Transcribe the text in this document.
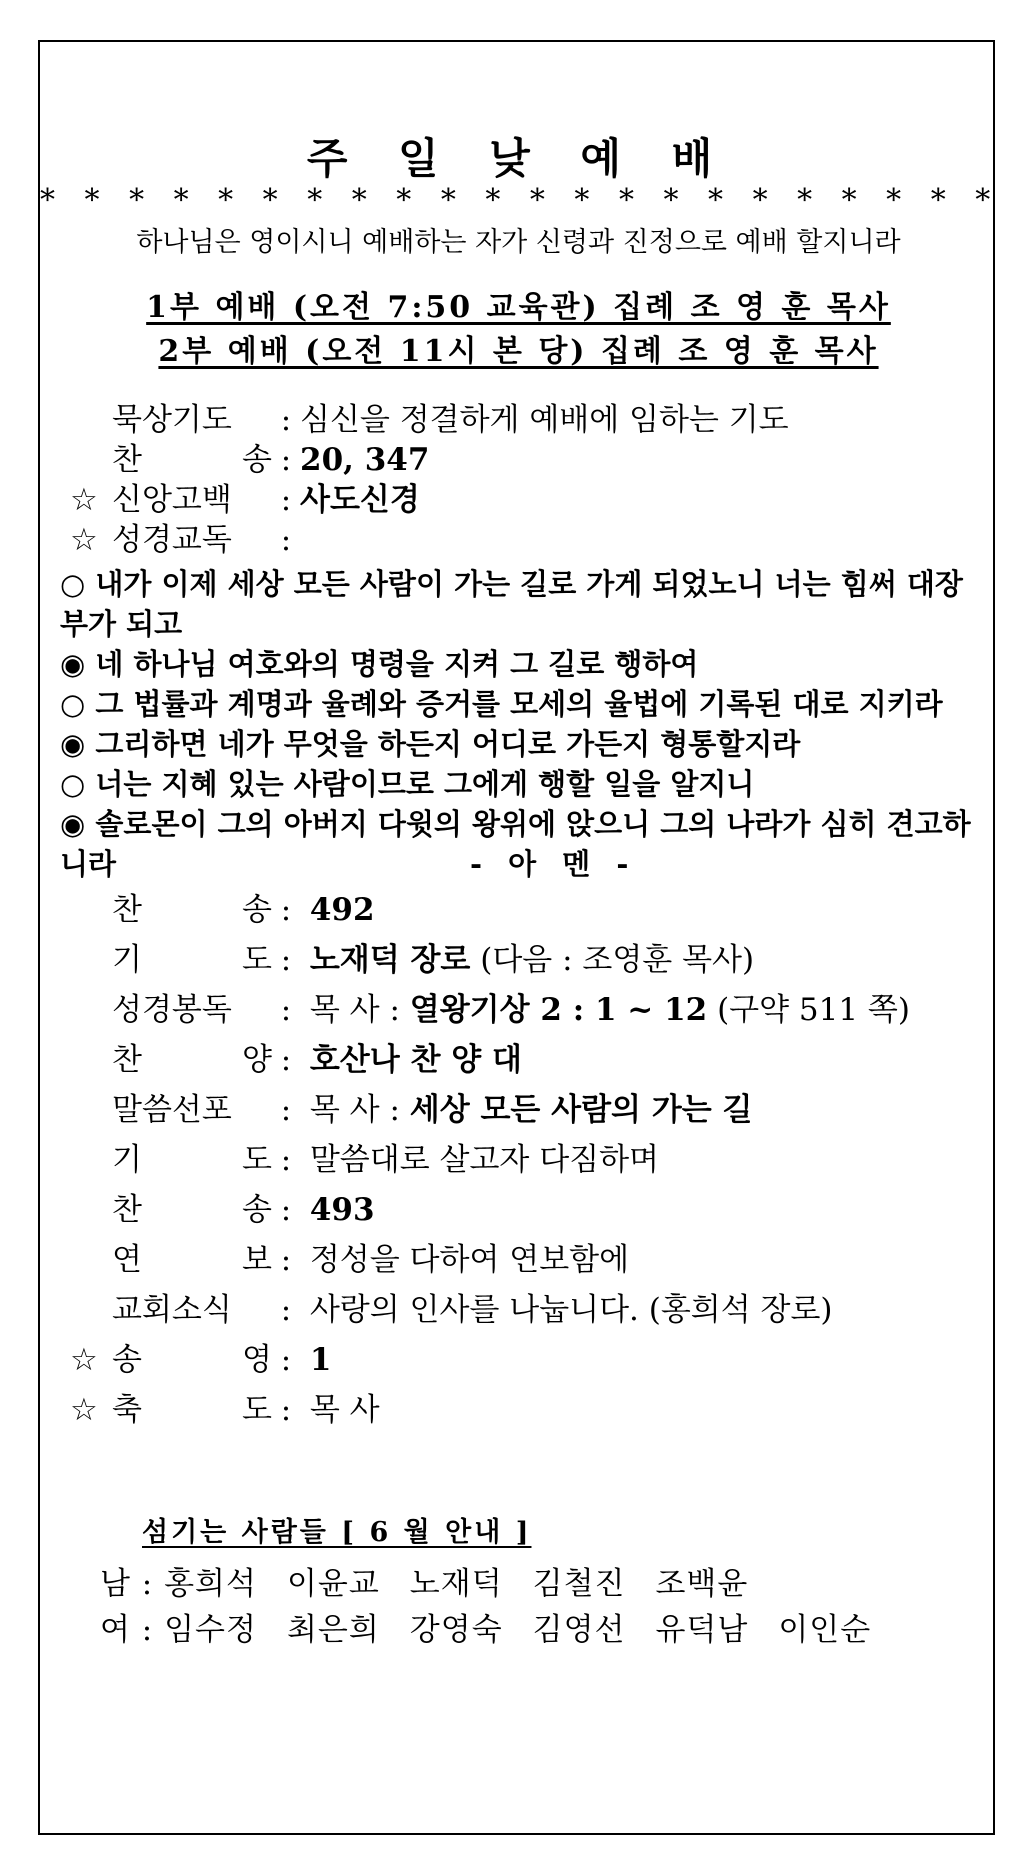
주 일 낮 예 배
* * * * * * * * * * * * * * * * * * * * * *
하나님은 영이시니 예배하는 자가 신령과 진정으로 예배 할지니라
1부 예배 (오전 7:50 교육관) 집례 조 영 훈 목사
2부 예배 (오전 11시 본 당) 집례 조 영 훈 목사
묵상기도 : 심신을 정결하게 예배에 임하는 기도
찬 송 : 20, 347
☆ 신앙고백 : 사도신경
☆ 성경교독 :
○ 내가 이제 세상 모든 사람이 가는 길로 가게 되었노니 너는 힘써 대장
부가 되고
◉ 네 하나님 여호와의 명령을 지켜 그 길로 행하여
○ 그 법률과 계명과 율례와 증거를 모세의 율법에 기록된 대로 지키라
◉ 그리하면 네가 무엇을 하든지 어디로 가든지 형통할지라
○ 너는 지혜 있는 사람이므로 그에게 행할 일을 알지니
◉ 솔로몬이 그의 아버지 다윗의 왕위에 앉으니 그의 나라가 심히 견고하
니라	- 아 멘 -
찬 송 : 492
기 도 : 노재덕 장로 (다음 : 조영훈 목사)
성경봉독 : 목 사 : 열왕기상 2 : 1 ~ 12 (구약 511 쪽)
찬 양 : 호산나 찬 양 대
말씀선포 : 목 사 : 세상 모든 사람의 가는 길
기 도 : 말씀대로 살고자 다짐하며
찬 송 : 493
연 보 : 정성을 다하여 연보함에
교회소식 : 사랑의 인사를 나눕니다. (홍희석 장로)
☆ 송 영 : 1
☆ 축 도 : 목 사
섬기는 사람들 [ 6 월 안내 ]
남 : 홍희석 이윤교 노재덕 김철진 조백윤
여 : 임수정 최은희 강영숙 김영선 유덕남 이인순
